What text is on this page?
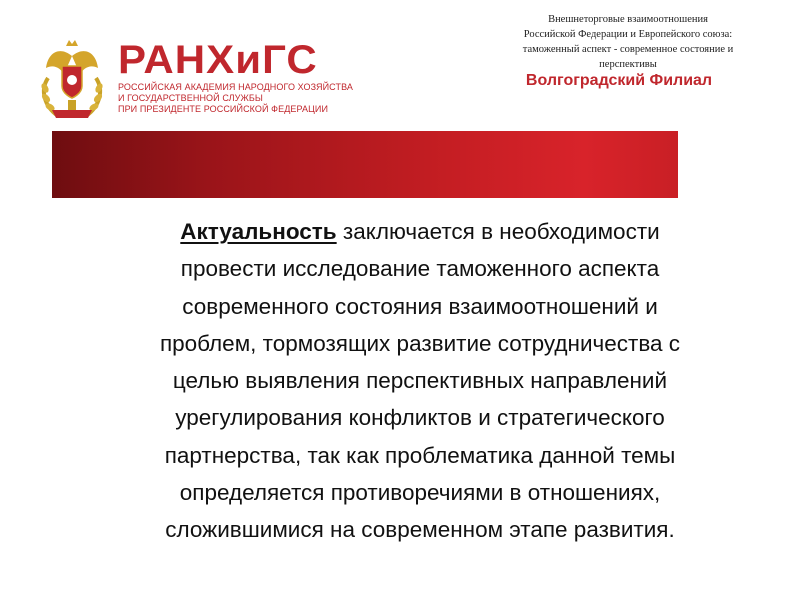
РАНХиГС
РОССИЙСКАЯ АКАДЕМИЯ НАРОДНОГО ХОЗЯЙСТВА
И ГОСУДАРСТВЕННОЙ СЛУЖБЫ
ПРИ ПРЕЗИДЕНТЕ РОССИЙСКОЙ ФЕДЕРАЦИИ
Внешнеторговые взаимоотношения
Российской Федерации и Европейского союза:
таможенный аспект - современное состояние и
перспективы
Волгоградский Филиал
Актуальность заключается в необходимости
провести исследование таможенного аспекта
современного состояния взаимоотношений и
проблем, тормозящих развитие сотрудничества с
целью выявления перспективных направлений
урегулирования конфликтов и стратегического
партнерства, так как проблематика данной темы
определяется противоречиями в отношениях,
сложившимися на современном этапе развития.
